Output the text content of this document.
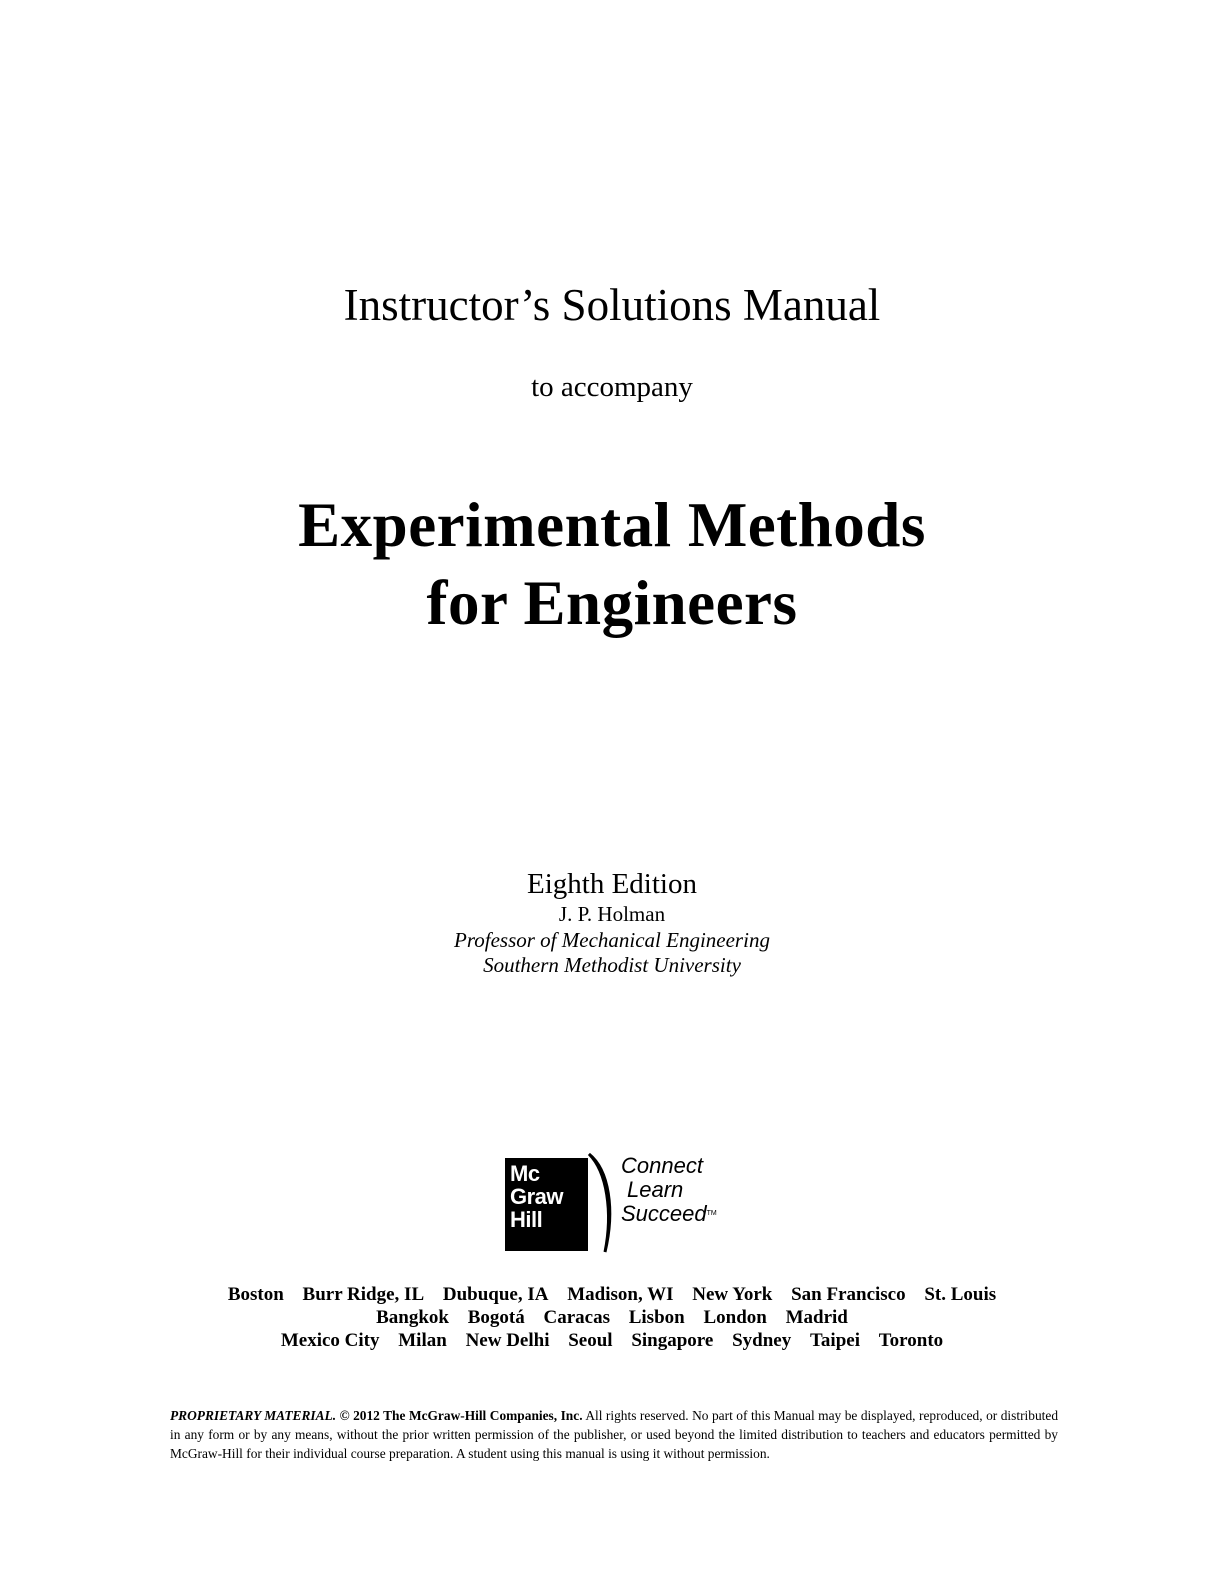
Instructor’s Solutions Manual
to accompany
Experimental Methods
for Engineers
Eighth Edition
J. P. Holman
Professor of Mechanical Engineering
Southern Methodist University
Mc
Graw
Hill
Connect
Learn
Succeed™
Boston Burr Ridge, IL Dubuque, IA Madison, WI New York San Francisco St. Louis
Bangkok Bogotá Caracas Lisbon London Madrid
Mexico City Milan New Delhi Seoul Singapore Sydney Taipei Toronto
PROPRIETARY MATERIAL. © 2012 The McGraw-Hill Companies, Inc. All rights reserved. No part of this Manual may be displayed, reproduced, or distributed in any form or by any means, without the prior written permission of the publisher, or used beyond the limited distribution to teachers and educators permitted by McGraw-Hill for their individual course preparation. A student using this manual is using it without permission.
